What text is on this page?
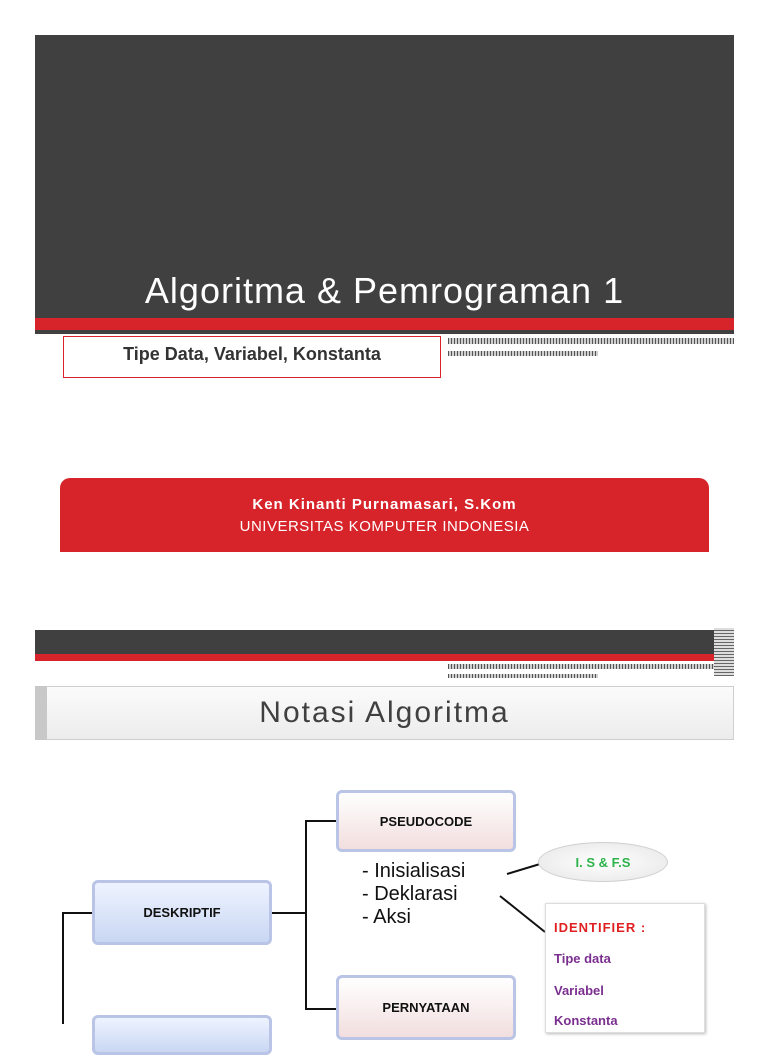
Algoritma & Pemrograman 1
Tipe Data, Variabel, Konstanta
Ken Kinanti Purnamasari, S.Kom
UNIVERSITAS KOMPUTER INDONESIA
Notasi Algoritma
PSEUDOCODE
DESKRIPTIF
PERNYATAAN
- Inisialisasi
- Deklarasi
- Aksi
I. S & F.S
IDENTIFIER :
Tipe data
Variabel
Konstanta
